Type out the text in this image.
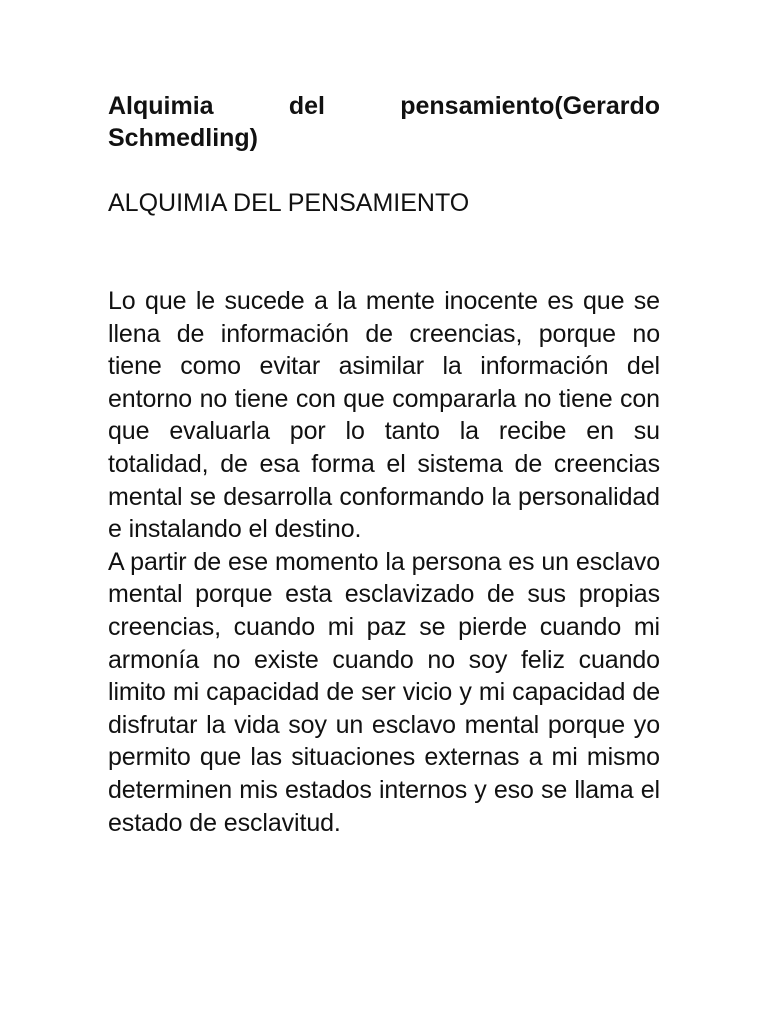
Alquimia del pensamiento(Gerardo Schmedling)
ALQUIMIA DEL PENSAMIENTO

Lo que le sucede a la mente inocente es que se llena de información de creencias, porque no tiene como evitar asimilar la información del entorno no tiene con que compararla no tiene con que evaluarla por lo tanto la recibe en su totalidad, de esa forma el sistema de creencias mental se desarrolla conformando la personalidad e instalando el destino.

A partir de ese momento la persona es un esclavo mental porque esta esclavizado de sus propias creencias, cuando mi paz se pierde cuando mi armonía no existe cuando no soy feliz cuando limito mi capacidad de ser vicio y mi capacidad de disfrutar la vida soy un esclavo mental porque yo permito que las situaciones externas a mi mismo determinen mis estados internos y eso se llama el estado de esclavitud.
